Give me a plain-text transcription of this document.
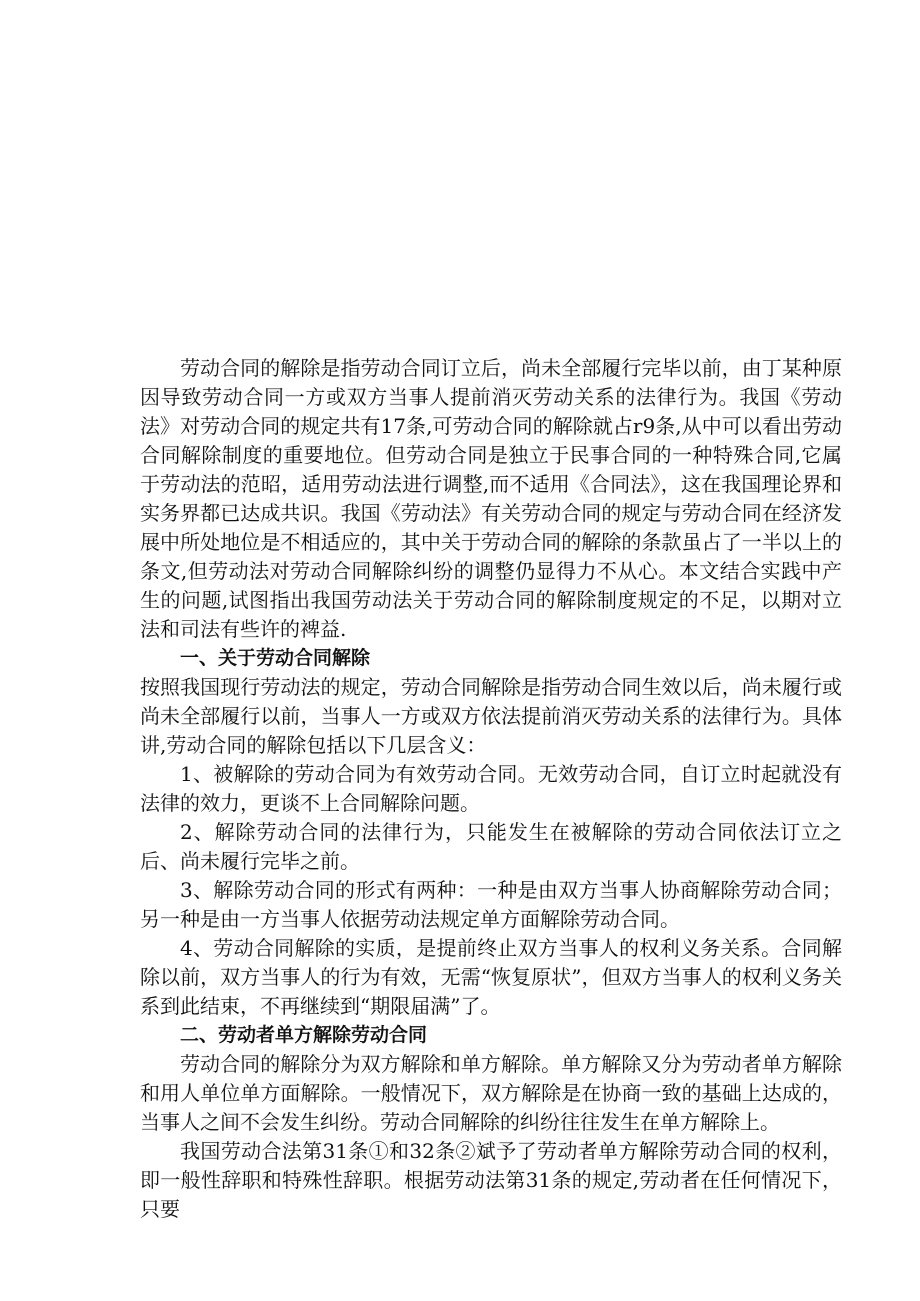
劳动合同的解除是指劳动合同订立后，尚未全部履行完毕以前，由丁某种原因导致劳动合同一方或双方当事人提前消灭劳动关系的法律行为。我国《劳动法》对劳动合同的规定共有17条,可劳动合同的解除就占r9条,从中可以看出劳动合同解除制度的重要地位。但劳动合同是独立于民事合同的一种特殊合同,它属于劳动法的范昭，适用劳动法进行调整,而不适用《合同法》，这在我国理论界和实务界都已达成共识。我国《劳动法》有关劳动合同的规定与劳动合同在经济发展中所处地位是不相适应的，其中关于劳动合同的解除的条款虽占了一半以上的条文,但劳动法对劳动合同解除纠纷的调整仍显得力不从心。本文结合实践中产生的问题,试图指出我国劳动法关于劳动合同的解除制度规定的不足，以期对立法和司法有些许的裨益.

一、关于劳动合同解除

按照我国现行劳动法的规定，劳动合同解除是指劳动合同生效以后，尚未履行或尚未全部履行以前，当事人一方或双方依法提前消灭劳动关系的法律行为。具体讲,劳动合同的解除包括以下几层含义：

1、被解除的劳动合同为有效劳动合同。无效劳动合同，自订立时起就没有法律的效力，更谈不上合同解除问题。

2、解除劳动合同的法律行为，只能发生在被解除的劳动合同依法订立之后、尚未履行完毕之前。

3、解除劳动合同的形式有两种：一种是由双方当事人协商解除劳动合同；另一种是由一方当事人依据劳动法规定单方面解除劳动合同。

4、劳动合同解除的实质，是提前终止双方当事人的权利义务关系。合同解除以前，双方当事人的行为有效，无需“恢复原状”，但双方当事人的权利义务关系到此结束，不再继续到“期限届满”了。

二、劳动者单方解除劳动合同

劳动合同的解除分为双方解除和单方解除。单方解除又分为劳动者单方解除和用人单位单方面解除。一般情况下，双方解除是在协商一致的基础上达成的，当事人之间不会发生纠纷。劳动合同解除的纠纷往往发生在单方解除上。

我国劳动合法第31条①和32条②斌予了劳动者单方解除劳动合同的权利，即一般性辞职和特殊性辞职。根据劳动法第31条的规定,劳动者在任何情况下，只要
